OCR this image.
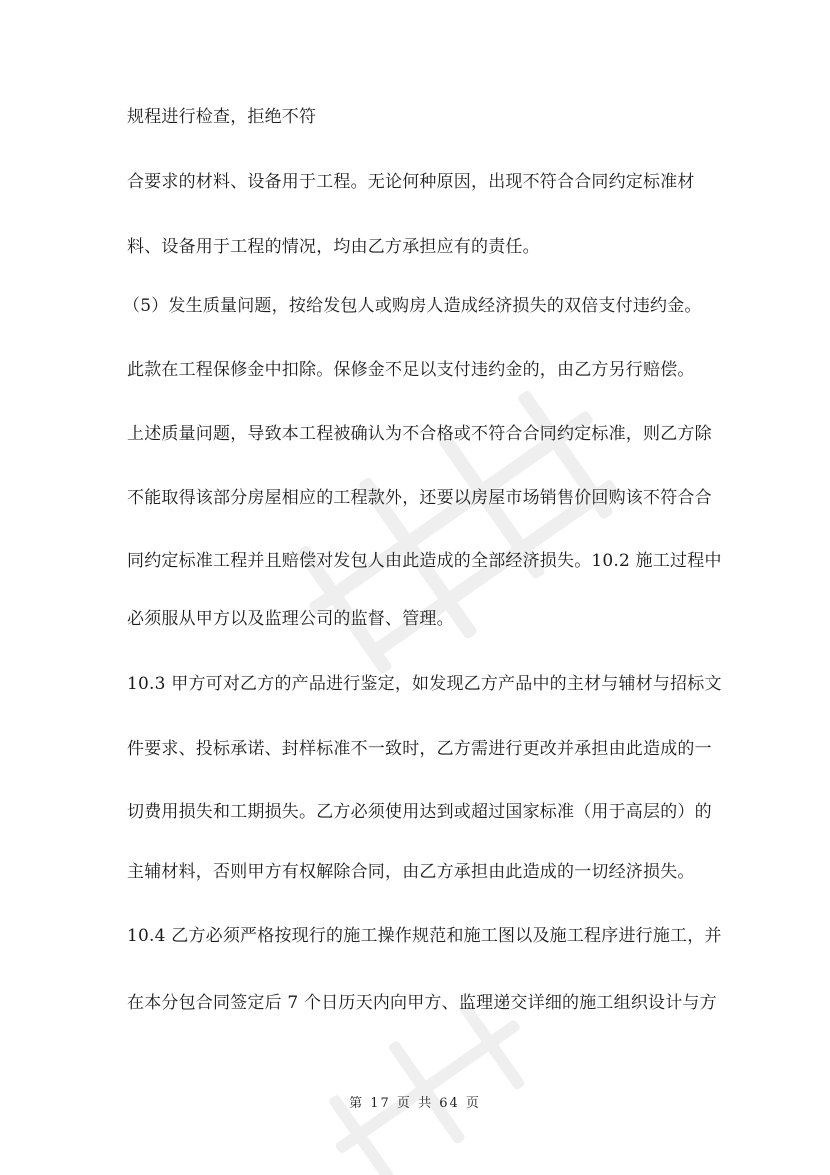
规程进行检查，拒绝不符
合要求的材料、设备用于工程。无论何种原因，出现不符合合同约定标准材
料、设备用于工程的情况，均由乙方承担应有的责任。
（5）发生质量问题，按给发包人或购房人造成经济损失的双倍支付违约金。
此款在工程保修金中扣除。保修金不足以支付违约金的，由乙方另行赔偿。
上述质量问题，导致本工程被确认为不合格或不符合合同约定标准，则乙方除
不能取得该部分房屋相应的工程款外，还要以房屋市场销售价回购该不符合合
同约定标准工程并且赔偿对发包人由此造成的全部经济损失。10.2 施工过程中
必须服从甲方以及监理公司的监督、管理。
10.3 甲方可对乙方的产品进行鉴定，如发现乙方产品中的主材与辅材与招标文
件要求、投标承诺、封样标准不一致时，乙方需进行更改并承担由此造成的一
切费用损失和工期损失。乙方必须使用达到或超过国家标准（用于高层的）的
主辅材料，否则甲方有权解除合同，由乙方承担由此造成的一切经济损失。
10.4 乙方必须严格按现行的施工操作规范和施工图以及施工程序进行施工，并
在本分包合同签定后 7 个日历天内向甲方、监理递交详细的施工组织设计与方
第 17 页 共 64 页
